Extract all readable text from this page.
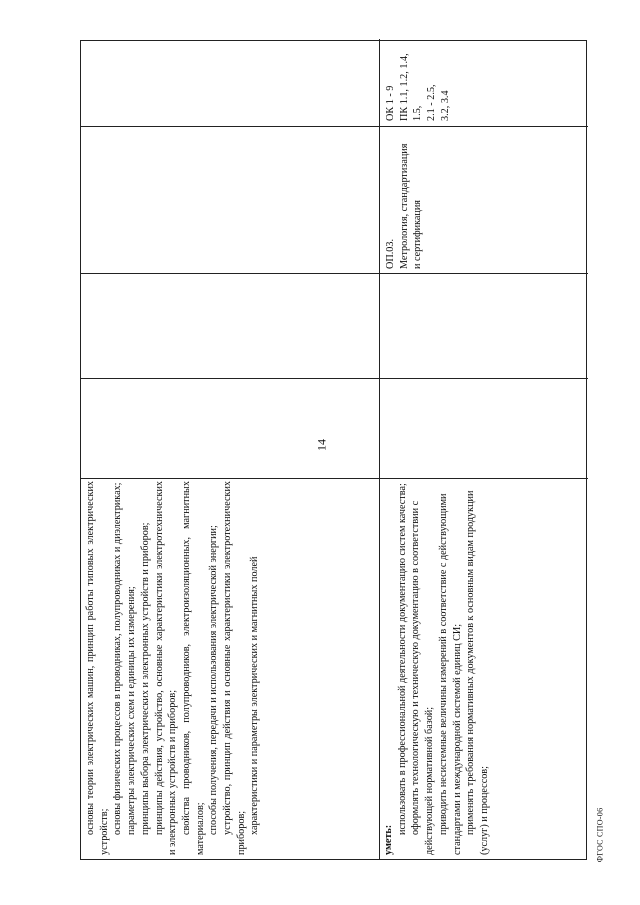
14
ФГОС СПО-06

основы теории электрических машин, принцип работы типовых электрических устройств; основы физических процессов в проводниках, полупроводниках и диэлектриках; параметры электрических схем и единицы их измерения; принципы выбора электрических и электронных устройств и приборов; принципы действия, устройство, основные характеристики электротехнических и электронных устройств и приборов; свойства проводников, полупроводников, электроизоляционных, магнитных материалов; способы получения, передачи и использования электрической энергии; устройство, принцип действия и основные характеристики электротехнических приборов; характеристики и параметры электрических и магнитных полей

уметь:

использовать в профессиональной деятельности документацию систем качества; оформлять технологическую и техническую документацию в соответствии с действующей нормативной базой; приводить несистемные величины измерений в соответствие с действующими стандартами и международной системой единиц СИ; применять требования нормативных документов к основным видам продукции (услуг) и процессов;

ОП.03. Метрология, стандартизация и сертификация
ОК 1 - 9 ПК 1.1, 1.2, 1.4, 1.5, 2.1 - 2.5, 3.2, 3.4
